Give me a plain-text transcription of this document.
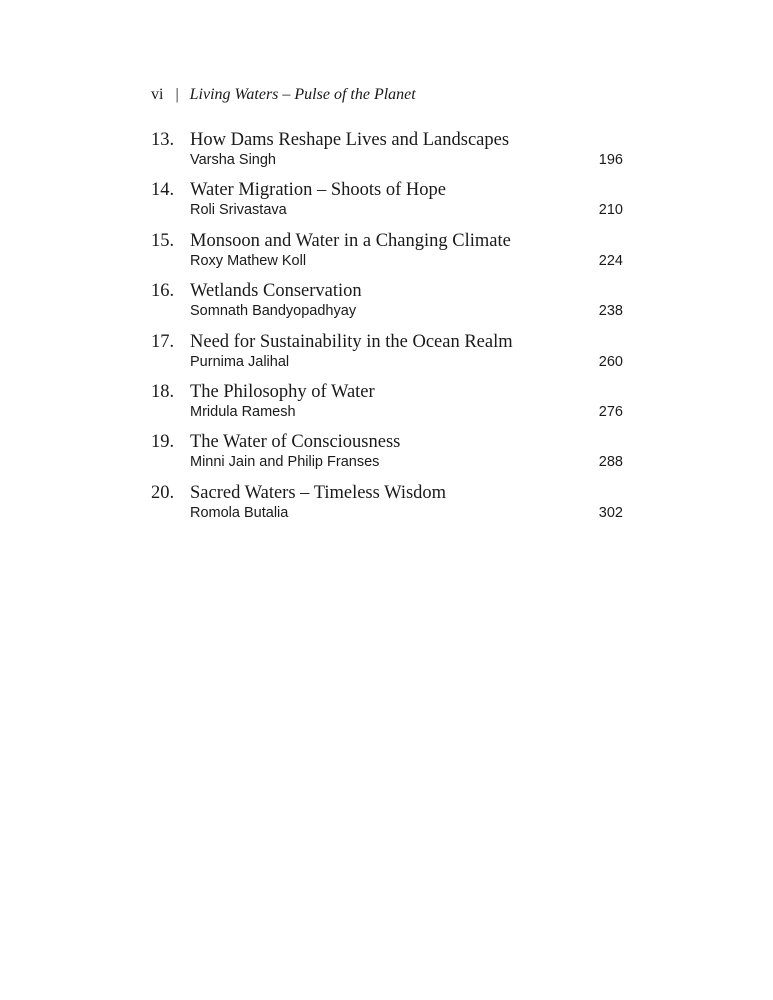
vi | Living Waters – Pulse of the Planet
13. How Dams Reshape Lives and Landscapes
Varsha Singh	196
14. Water Migration – Shoots of Hope
Roli Srivastava	210
15. Monsoon and Water in a Changing Climate
Roxy Mathew Koll	224
16. Wetlands Conservation
Somnath Bandyopadhyay	238
17. Need for Sustainability in the Ocean Realm
Purnima Jalihal	260
18. The Philosophy of Water
Mridula Ramesh	276
19. The Water of Consciousness
Minni Jain and Philip Franses	288
20. Sacred Waters – Timeless Wisdom
Romola Butalia	302
